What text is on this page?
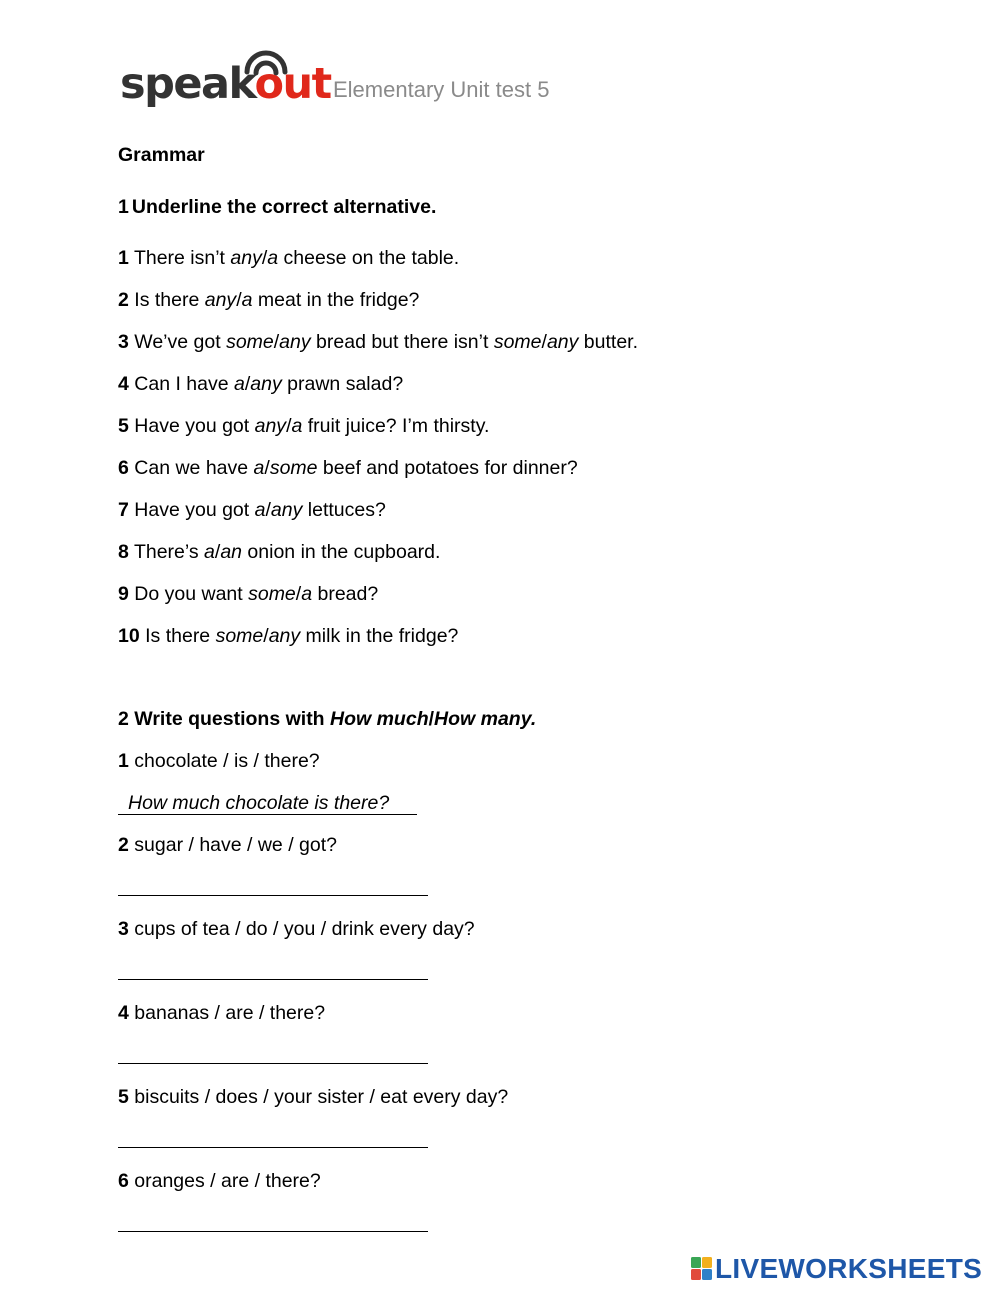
speakout Elementary Unit test 5
Grammar
1 Underline the correct alternative.
1 There isn’t any/a cheese on the table.
2 Is there any/a meat in the fridge?
3 We’ve got some/any bread but there isn’t some/any butter.
4 Can I have a/any prawn salad?
5 Have you got any/a fruit juice? I’m thirsty.
6 Can we have a/some beef and potatoes for dinner?
7 Have you got a/any lettuces?
8 There’s a/an onion in the cupboard.
9 Do you want some/a bread?
10 Is there some/any milk in the fridge?
2 Write questions with How much/How many.
1 chocolate / is / there?
How much chocolate is there?
2 sugar / have / we / got?
3 cups of tea / do / you / drink every day?
4 bananas / are / there?
5 biscuits / does / your sister / eat every day?
6 oranges / are / there?
LIVEWORKSHEETS
